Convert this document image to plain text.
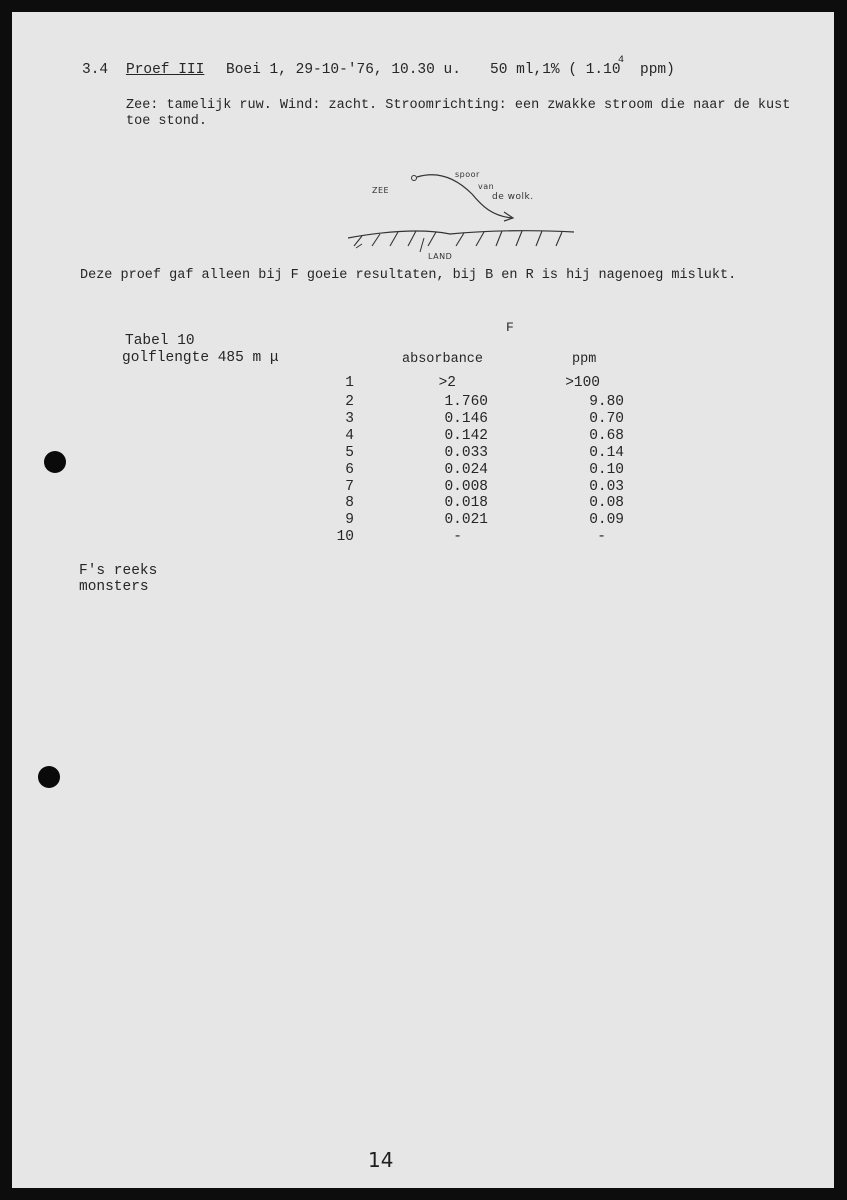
3.4 Proef III Boei 1, 29-10-'76, 10.30 u. 50 ml,1% ( 1.10
4
ppm)
Zee: tamelijk ruw. Wind: zacht. Stroomrichting: een zwakke stroom die naar de kust
toe stond.
ZEE
spoor
van
de wolk.
LAND
Deze proef gaf alleen bij F goeie resultaten, bij B en R is hij nagenoeg mislukt.
F
Tabel 10
golflengte 485 m μ	absorbance	ppm
1	>2	>100
2	1.760	9.80
3	0.146	0.70
4	0.142	0.68
5	0.033	0.14
6	0.024	0.10
7	0.008	0.03
8	0.018	0.08
9	0.021	0.09
10	-	-
F's reeks
monsters
14
